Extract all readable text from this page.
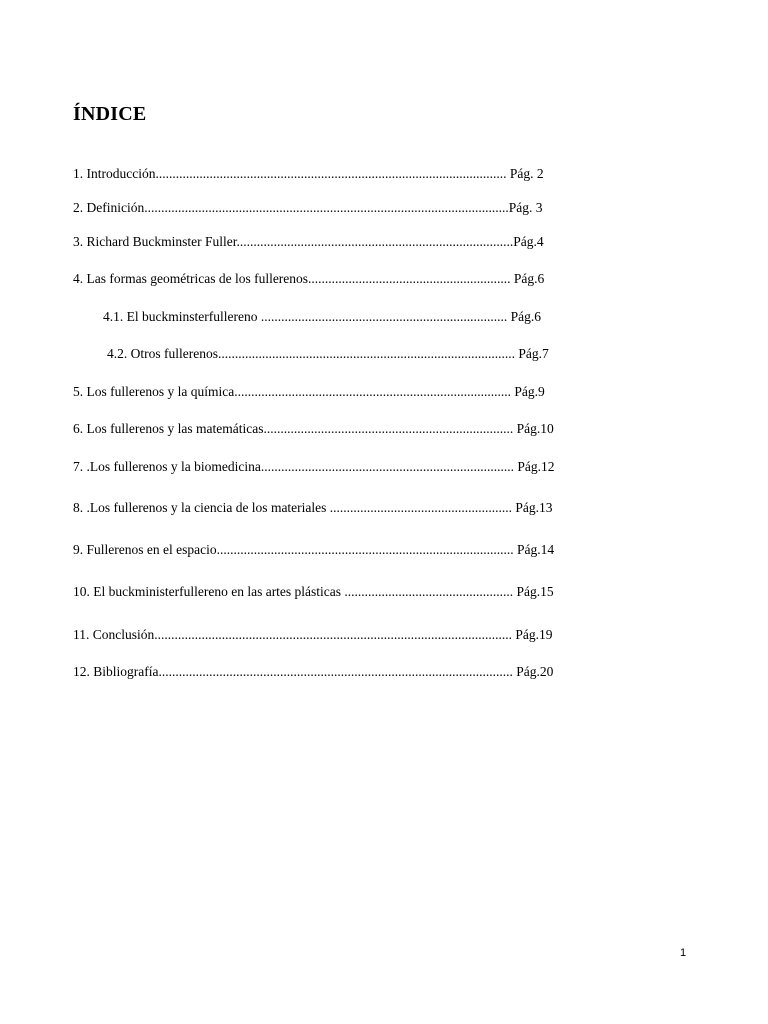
ÍNDICE
1. Introducción........................................................................................................ Pág. 2
2. Definición............................................................................................................Pág. 3
3. Richard Buckminster Fuller..................................................................................Pág.4
4. Las formas geométricas de los fullerenos............................................................ Pág.6
4.1. El buckminsterfullereno ......................................................................... Pág.6
4.2. Otros fullerenos........................................................................................ Pág.7
5. Los fullerenos y la química.................................................................................. Pág.9
6. Los fullerenos y las matemáticas.......................................................................... Pág.10
7. .Los fullerenos y la biomedicina........................................................................... Pág.12
8. .Los fullerenos y la ciencia de los materiales ...................................................... Pág.13
9. Fullerenos en el espacio........................................................................................ Pág.14
10. El buckministerfullereno en las artes plásticas .................................................. Pág.15
11. Conclusión.......................................................................................................... Pág.19
12. Bibliografía......................................................................................................... Pág.20
1
